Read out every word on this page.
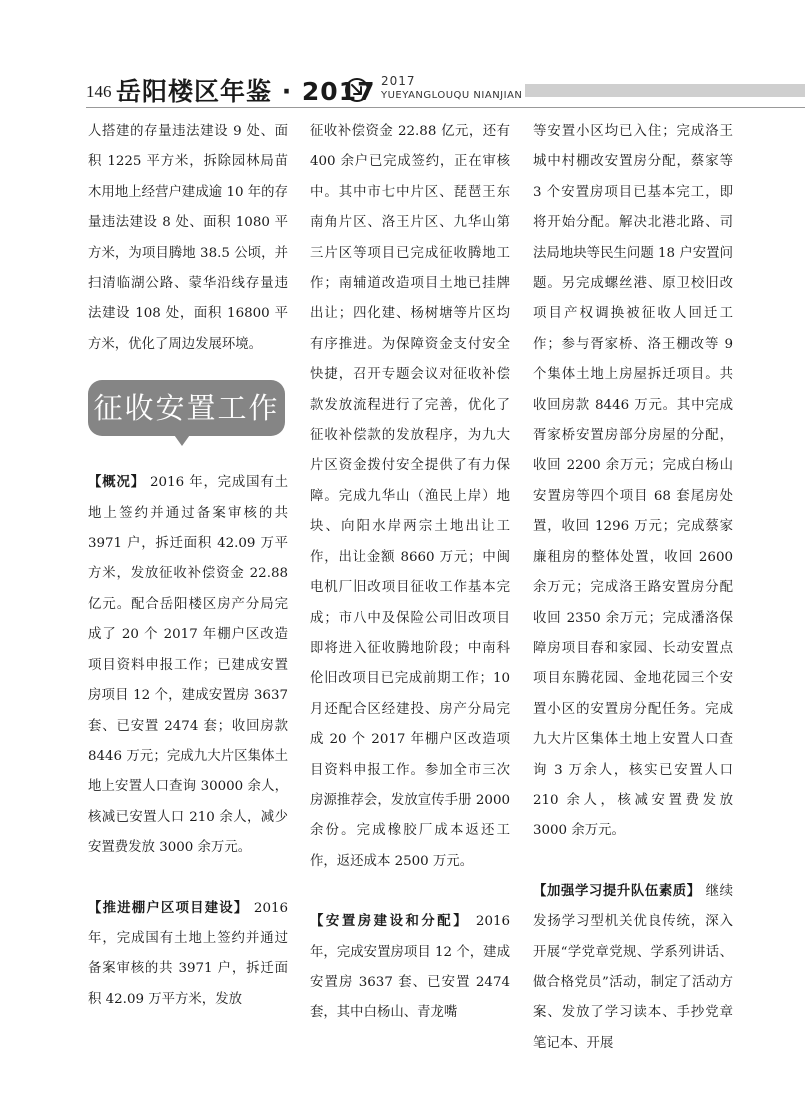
146 岳阳楼区年鉴 · 2017 2017
YUEYANGLOUQU NIANJIAN

人搭建的存量违法建设 9 处、面积 1225 平方米，拆除园林局苗木用地上经营户建成逾 10 年的存量违法建设 8 处、面积 1080 平方米，为项目腾地 38.5 公顷，并扫清临湖公路、蒙华沿线存量违法建设 108 处，面积 16800 平方米，优化了周边发展环境。

征收安置工作

【概况】 2016 年，完成国有土地上签约并通过备案审核的共 3971 户，拆迁面积 42.09 万平方米，发放征收补偿资金 22.88 亿元。配合岳阳楼区房产分局完成了 20 个 2017 年棚户区改造项目资料申报工作；已建成安置房项目 12 个，建成安置房 3637 套、已安置 2474 套；收回房款 8446 万元；完成九大片区集体土地上安置人口查询 30000 余人，核减已安置人口 210 余人，减少安置费发放 3000 余万元。

【推进棚户区项目建设】 2016 年，完成国有土地上签约并通过备案审核的共 3971 户，拆迁面积 42.09 万平方米，发放

征收补偿资金 22.88 亿元，还有 400 余户已完成签约，正在审核中。其中市七中片区、琵琶王东南角片区、洛王片区、九华山第三片区等项目已完成征收腾地工作；南辅道改造项目土地已挂牌出让；四化建、杨树塘等片区均有序推进。为保障资金支付安全快捷，召开专题会议对征收补偿款发放流程进行了完善，优化了征收补偿款的发放程序，为九大片区资金拨付安全提供了有力保障。完成九华山（渔民上岸）地块、向阳水岸两宗土地出让工作，出让金额 8660 万元；中闽电机厂旧改项目征收工作基本完成；市八中及保险公司旧改项目即将进入征收腾地阶段；中南科伦旧改项目已完成前期工作；10 月还配合区经建投、房产分局完成 20 个 2017 年棚户区改造项目资料申报工作。参加全市三次房源推荐会，发放宣传手册 2000 余份。完成橡胶厂成本返还工作，返还成本 2500 万元。

【安置房建设和分配】 2016 年，完成安置房项目 12 个，建成安置房 3637 套、已安置 2474 套，其中白杨山、青龙嘴

等安置小区均已入住；完成洛王城中村棚改安置房分配，蔡家等 3 个安置房项目已基本完工，即将开始分配。解决北港北路、司法局地块等民生问题 18 户安置问题。另完成螺丝港、原卫校旧改项目产权调换被征收人回迁工作；参与胥家桥、洛王棚改等 9 个集体土地上房屋拆迁项目。共收回房款 8446 万元。其中完成胥家桥安置房部分房屋的分配，收回 2200 余万元；完成白杨山安置房等四个项目 68 套尾房处置，收回 1296 万元；完成蔡家廉租房的整体处置，收回 2600 余万元；完成洛王路安置房分配收回 2350 余万元；完成潘洛保障房项目春和家园、长动安置点项目东腾花园、金地花园三个安置小区的安置房分配任务。完成九大片区集体土地上安置人口查询 3 万余人，核实已安置人口 210 余人，核减安置费发放 3000 余万元。

【加强学习提升队伍素质】 继续发扬学习型机关优良传统，深入开展“学党章党规、学系列讲话、做合格党员”活动，制定了活动方案、发放了学习读本、手抄党章笔记本、开展
